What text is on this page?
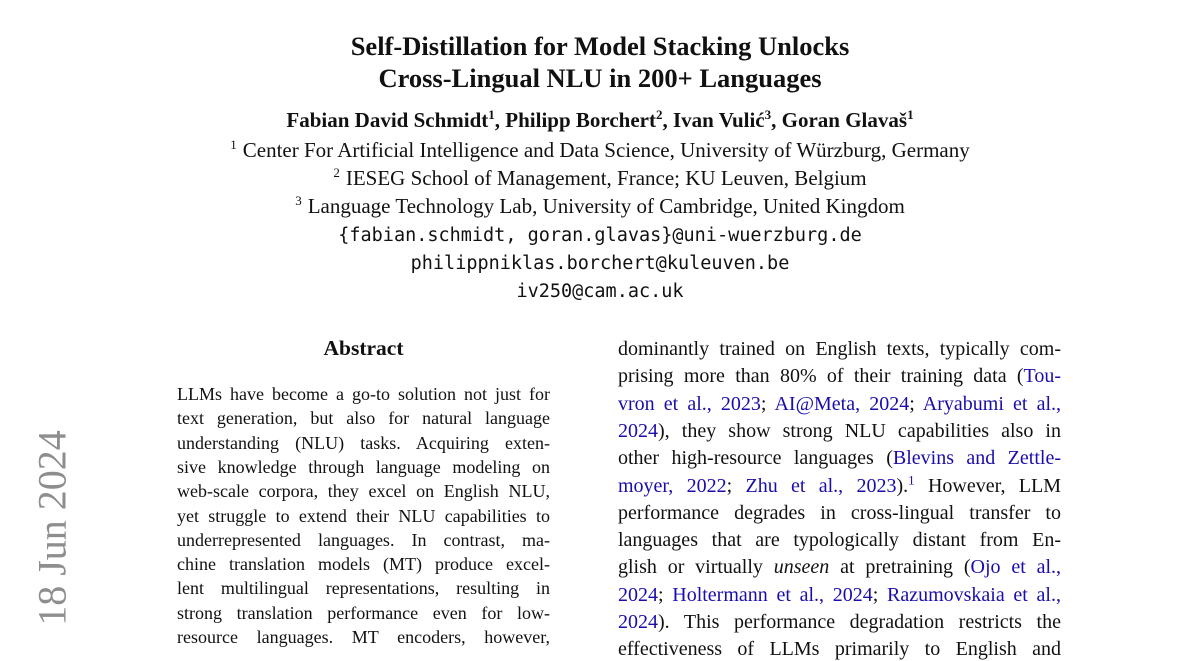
Self-Distillation for Model Stacking Unlocks
Cross-Lingual NLU in 200+ Languages
Fabian David Schmidt$^1$, Philipp Borchert$^2$, Ivan Vulić$^3$, Goran Glavaš$^1$
$^1$ Center For Artificial Intelligence and Data Science, University of Würzburg, Germany
$^2$ IESEG School of Management, France; KU Leuven, Belgium
$^3$ Language Technology Lab, University of Cambridge, United Kingdom
{fabian.schmidt, goran.glavas}@uni-wuerzburg.de
philippniklas.borchert@kuleuven.be
iv250@cam.ac.uk
18 Jun 2024
Abstract
LLMs have become a go-to solution not just for
text generation, but also for natural language
understanding (NLU) tasks. Acquiring exten-
sive knowledge through language modeling on
web-scale corpora, they excel on English NLU,
yet struggle to extend their NLU capabilities to
underrepresented languages. In contrast, ma-
chine translation models (MT) produce excel-
lent multilingual representations, resulting in
strong translation performance even for low-
resource languages. MT encoders, however,
dominantly trained on English texts, typically com-
prising more than 80% of their training data (Tou-
vron et al., 2023; AI@Meta, 2024; Aryabumi et al.,
2024), they show strong NLU capabilities also in
other high-resource languages (Blevins and Zettle-
moyer, 2022; Zhu et al., 2023).$^1$ However, LLM
performance degrades in cross-lingual transfer to
languages that are typologically distant from En-
glish or virtually unseen at pretraining (Ojo et al.,
2024; Holtermann et al., 2024; Razumovskaia et al.,
2024). This performance degradation restricts the
effectiveness of LLMs primarily to English and
